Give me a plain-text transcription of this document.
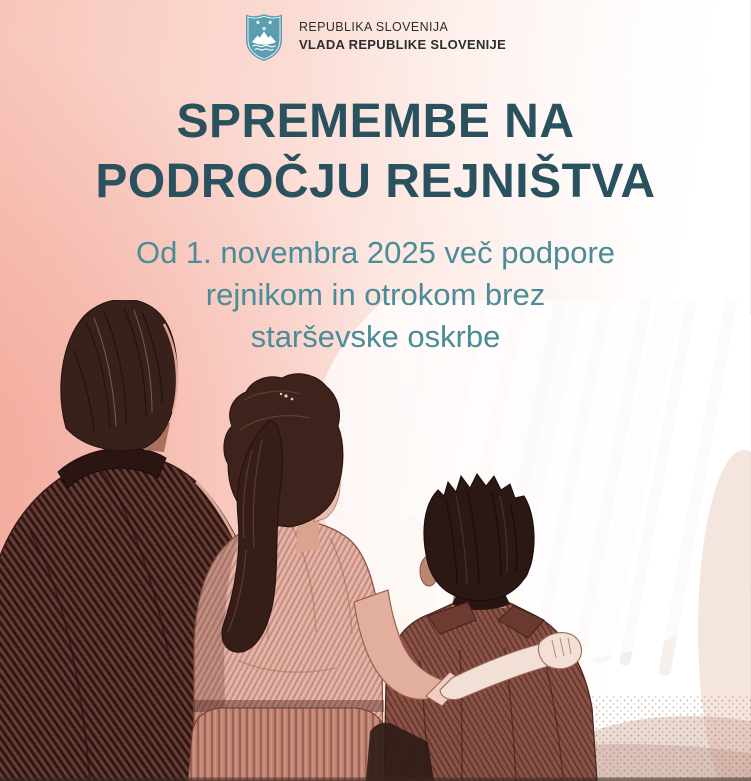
REPUBLIKA SLOVENIJA
VLADA REPUBLIKE SLOVENIJE
SPREMEMBE NA
PODROČJU REJNIŠTVA

Od 1. novembra 2025 več podpore
rejnikom in otrokom brez
starševske oskrbe
